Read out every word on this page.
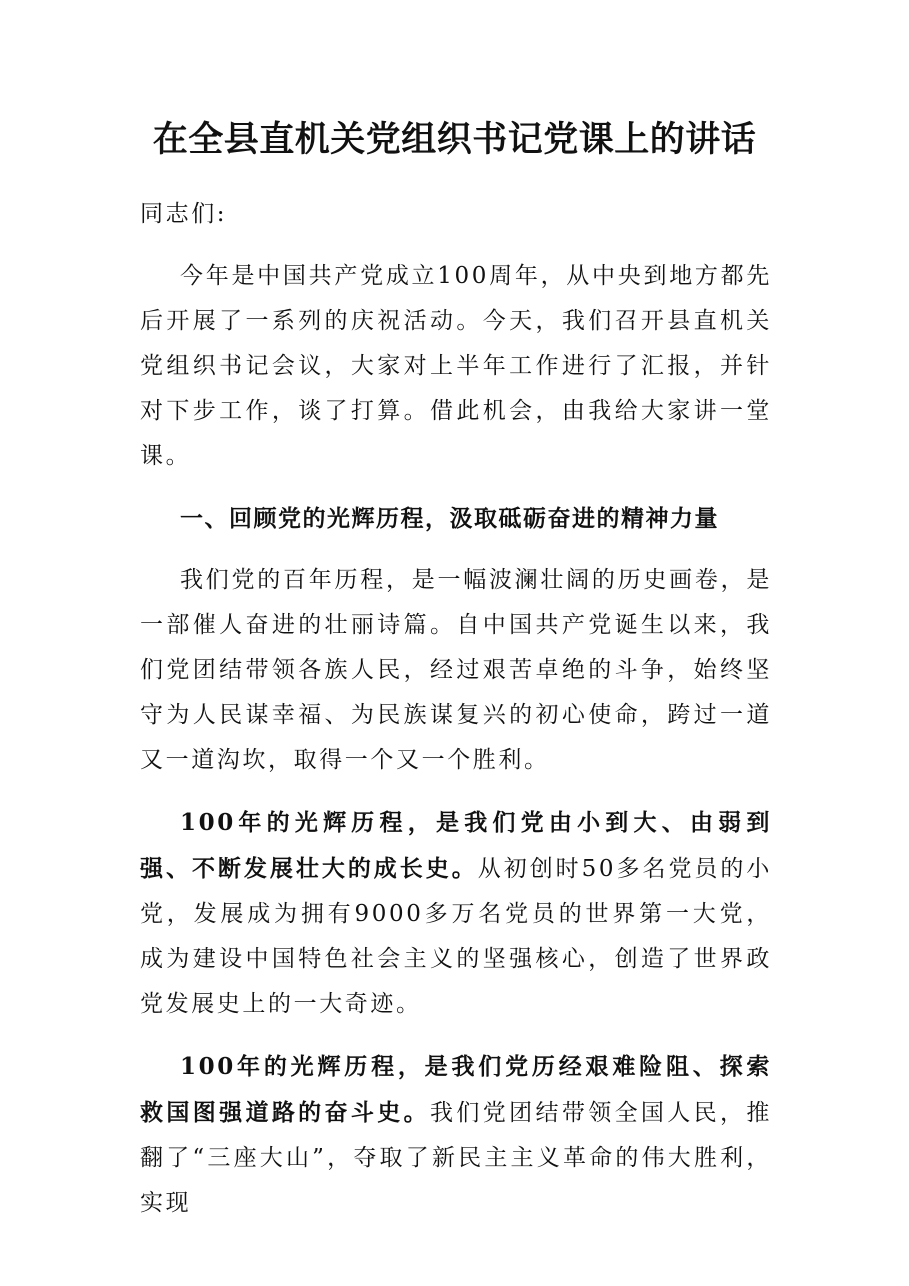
在全县直机关党组织书记党课上的讲话

同志们:

今年是中国共产党成立100周年，从中央到地方都先后开展了一系列的庆祝活动。今天，我们召开县直机关党组织书记会议，大家对上半年工作进行了汇报，并针对下步工作，谈了打算。借此机会，由我给大家讲一堂课。

一、回顾党的光辉历程，汲取砥砺奋进的精神力量

我们党的百年历程，是一幅波澜壮阔的历史画卷，是一部催人奋进的壮丽诗篇。自中国共产党诞生以来，我们党团结带领各族人民，经过艰苦卓绝的斗争，始终坚守为人民谋幸福、为民族谋复兴的初心使命，跨过一道又一道沟坎，取得一个又一个胜利。

100年的光辉历程，是我们党由小到大、由弱到强、不断发展壮大的成长史。从初创时50多名党员的小党，发展成为拥有9000多万名党员的世界第一大党，成为建设中国特色社会主义的坚强核心，创造了世界政党发展史上的一大奇迹。

100年的光辉历程，是我们党历经艰难险阻、探索救国图强道路的奋斗史。我们党团结带领全国人民，推翻了“三座大山”，夺取了新民主主义革命的伟大胜利，实现
